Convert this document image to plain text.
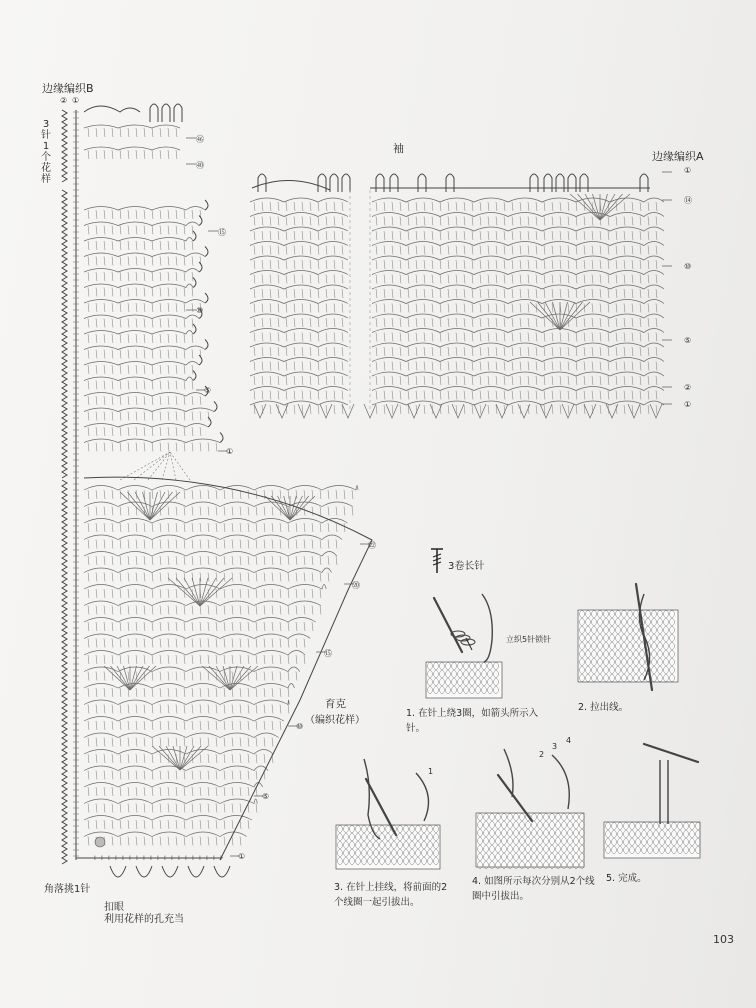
边缘编织B
② ①
3
针
1
个
花
样
+ + + + + + + + + + + + + + + + + + +
㊻
㊵
⑮
⑩
⑤
①
袖
边缘编织A
①
⑭
⑩
⑤
②
①
㉒
⑳
⑮
⑩
⑤
①
育克
（编织花样）
角落挑1针
扣眼
利用花样的孔充当
3卷长针
立织5针锁针
1
2
3
4
1. 在针上绕3圈，如箭头所示入针。
2. 拉出线。
3. 在针上挂线，将前面的2个线圈一起引拔出。
4. 如图所示每次分别从2个线圈中引拔出。
5. 完成。
103
